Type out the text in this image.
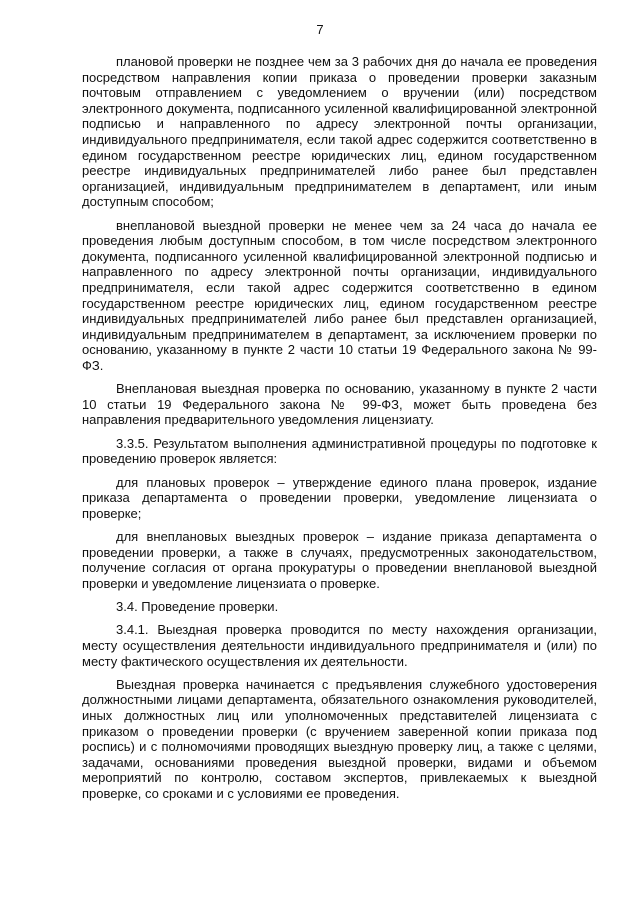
7

плановой проверки не позднее чем за 3 рабочих дня до начала ее проведения посредством направления копии приказа о проведении проверки заказным почтовым отправлением с уведомлением о вручении (или) посредством электронного документа, подписанного усиленной квалифицированной электронной подписью и направленного по адресу электронной почты организации, индивидуального предпринимателя, если такой адрес содержится соответственно в едином государственном реестре юридических лиц, едином государственном реестре индивидуальных предпринимателей либо ранее был представлен организацией, индивидуальным предпринимателем в департамент, или иным доступным способом;

внеплановой выездной проверки не менее чем за 24 часа до начала ее проведения любым доступным способом, в том числе посредством электронного документа, подписанного усиленной квалифицированной электронной подписью и направленного по адресу электронной почты организации, индивидуального предпринимателя, если такой адрес содержится соответственно в едином государственном реестре юридических лиц, едином государственном реестре индивидуальных предпринимателей либо ранее был представлен организацией, индивидуальным предпринимателем в департамент, за исключением проверки по основанию, указанному в пункте 2 части 10 статьи 19 Федерального закона № 99-ФЗ.

Внеплановая выездная проверка по основанию, указанному в пункте 2 части 10 статьи 19 Федерального закона № 99-ФЗ, может быть проведена без направления предварительного уведомления лицензиату.

3.3.5. Результатом выполнения административной процедуры по подготовке к проведению проверок является:

для плановых проверок – утверждение единого плана проверок, издание приказа департамента о проведении проверки, уведомление лицензиата о проверке;

для внеплановых выездных проверок – издание приказа департамента о проведении проверки, а также в случаях, предусмотренных законодательством, получение согласия от органа прокуратуры о проведении внеплановой выездной проверки и уведомление лицензиата о проверке.

3.4. Проведение проверки.

3.4.1. Выездная проверка проводится по месту нахождения организации, месту осуществления деятельности индивидуального предпринимателя и (или) по месту фактического осуществления их деятельности.

Выездная проверка начинается с предъявления служебного удостоверения должностными лицами департамента, обязательного ознакомления руководителей, иных должностных лиц или уполномоченных представителей лицензиата с приказом о проведении проверки (с вручением заверенной копии приказа под роспись) и с полномочиями проводящих выездную проверку лиц, а также с целями, задачами, основаниями проведения выездной проверки, видами и объемом мероприятий по контролю, составом экспертов, привлекаемых к выездной проверке, со сроками и с условиями ее проведения.
